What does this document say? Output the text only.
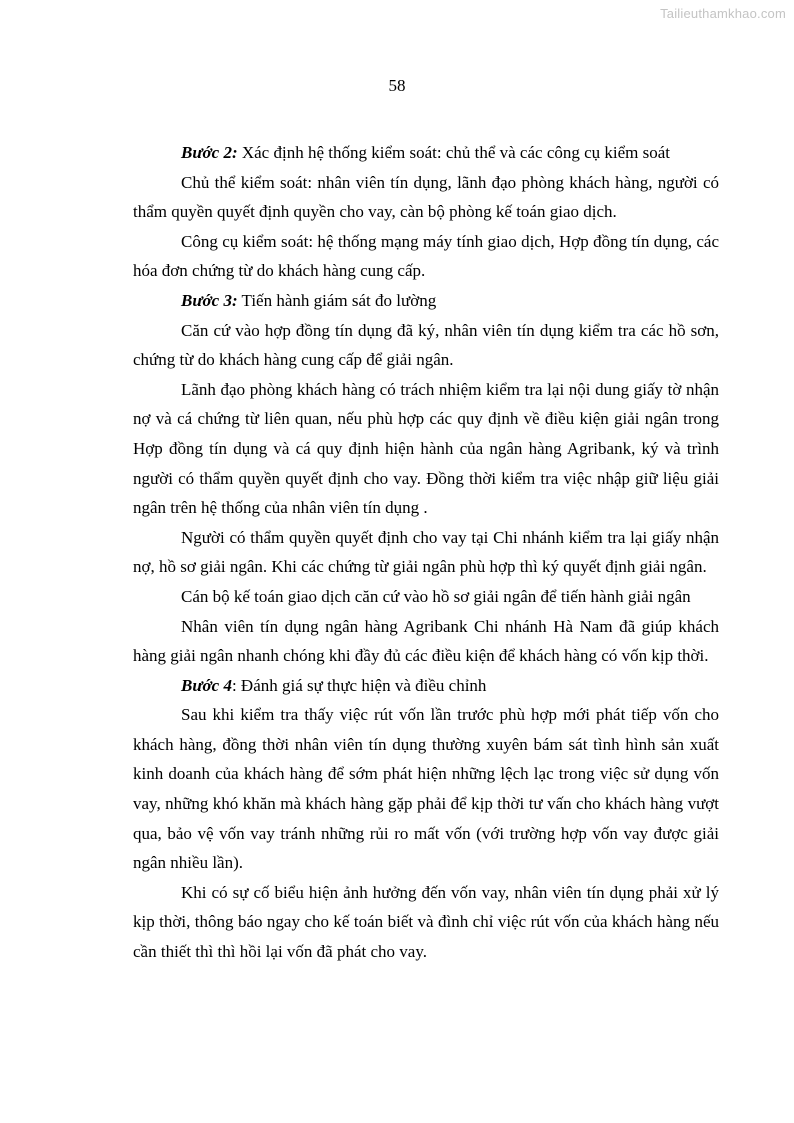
Tailieuthamkhao.com
58

Bước 2: Xác định hệ thống kiểm soát: chủ thể và các công cụ kiểm soát

Chủ thể kiểm soát: nhân viên tín dụng, lãnh đạo phòng khách hàng, người có thẩm quyền quyết định quyền cho vay, càn bộ phòng kế toán giao dịch.

Công cụ kiểm soát: hệ thống mạng máy tính giao dịch, Hợp đồng tín dụng, các hóa đơn chứng từ do khách hàng cung cấp.

Bước 3: Tiến hành giám sát đo lường

Căn cứ vào hợp đồng tín dụng đã ký, nhân viên tín dụng kiểm tra các hồ sơn, chứng từ do khách hàng cung cấp để giải ngân.

Lãnh đạo phòng khách hàng có trách nhiệm kiểm tra lại nội dung giấy tờ nhận nợ và cá chứng từ liên quan, nếu phù hợp các quy định về điều kiện giải ngân trong Hợp đồng tín dụng và cá quy định hiện hành của ngân hàng Agribank, ký và trình người có thẩm quyền quyết định cho vay. Đồng thời kiểm tra việc nhập giữ liệu giải ngân trên hệ thống của nhân viên tín dụng .

Người có thẩm quyền quyết định cho vay tại Chi nhánh kiểm tra lại giấy nhận nợ, hồ sơ giải ngân. Khi các chứng từ giải ngân phù hợp thì ký quyết định giải ngân.

Cán bộ kế toán giao dịch căn cứ vào hồ sơ giải ngân để tiến hành giải ngân

Nhân viên tín dụng ngân hàng Agribank Chi nhánh Hà Nam đã giúp khách hàng giải ngân nhanh chóng khi đầy đủ các điều kiện để khách hàng có vốn kịp thời.

Bước 4: Đánh giá sự thực hiện và điều chỉnh

Sau khi kiểm tra thấy việc rút vốn lần trước phù hợp mới phát tiếp vốn cho khách hàng, đồng thời nhân viên tín dụng thường xuyên bám sát tình hình sản xuất kinh doanh của khách hàng để sớm phát hiện những lệch lạc trong việc sử dụng vốn vay, những khó khăn mà khách hàng gặp phải để kịp thời tư vấn cho khách hàng vượt qua, bảo vệ vốn vay tránh những rủi ro mất vốn (với trường hợp vốn vay được giải ngân nhiều lần).

Khi có sự cố biểu hiện ảnh hưởng đến vốn vay, nhân viên tín dụng phải xử lý kịp thời, thông báo ngay cho kế toán biết và đình chỉ việc rút vốn của khách hàng nếu cần thiết thì thì hồi lại vốn đã phát cho vay.
